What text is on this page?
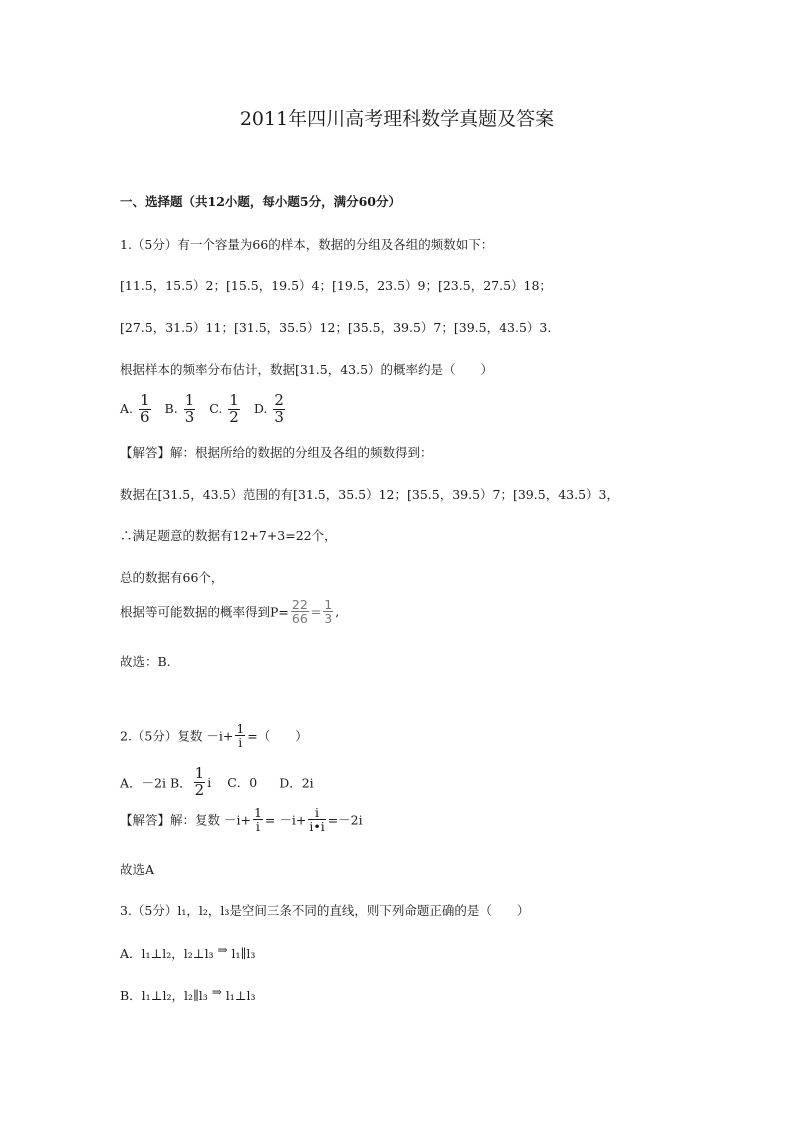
2011年四川高考理科数学真题及答案
一、选择题（共12小题，每小题5分，满分60分）
1.（5分）有一个容量为66的样本，数据的分组及各组的频数如下：
[11.5，15.5）2；[15.5，19.5）4；[19.5，23.5）9；[23.5，27.5）18；
[27.5，31.5）11；[31.5，35.5）12；[35.5，39.5）7；[39.5，43.5）3.
根据样本的频率分布估计，数据[31.5，43.5）的概率约是（　　）
A. $\frac{1}{6} B$. $\frac{1}{3} C$. $\frac{1}{2} D$. $\frac{2}{3}$
【解答】解：根据所给的数据的分组及各组的频数得到：
数据在[31.5，43.5）范围的有[31.5，35.5）12；[35.5，39.5）7；[39.5，43.5）3，
∴满足题意的数据有12+7+3=22个，
总的数据有66个，
根据等可能数据的概率得到$P= \frac{22}{66} = \frac{1}{3}$ ,
故选：B.
2.（5分）复数 $-i+ \frac{1}{i}$ =（　　）
A．－2i B． $\frac{1}{2}$ i C．0 D．2i
【解答】解：复数 $-i+ \frac{1}{i} = -i+ \frac{i}{i•i} =-2i$
故选A
3.（5分）l₁，l₂，l₃是空间三条不同的直线，则下列命题正确的是（　　）
A．l₁⊥l₂，l₂⊥l₃ ⇒ l₁∥l₃
B．l₁⊥l₂，l₂∥l₃ ⇒ l₁⊥l₃
